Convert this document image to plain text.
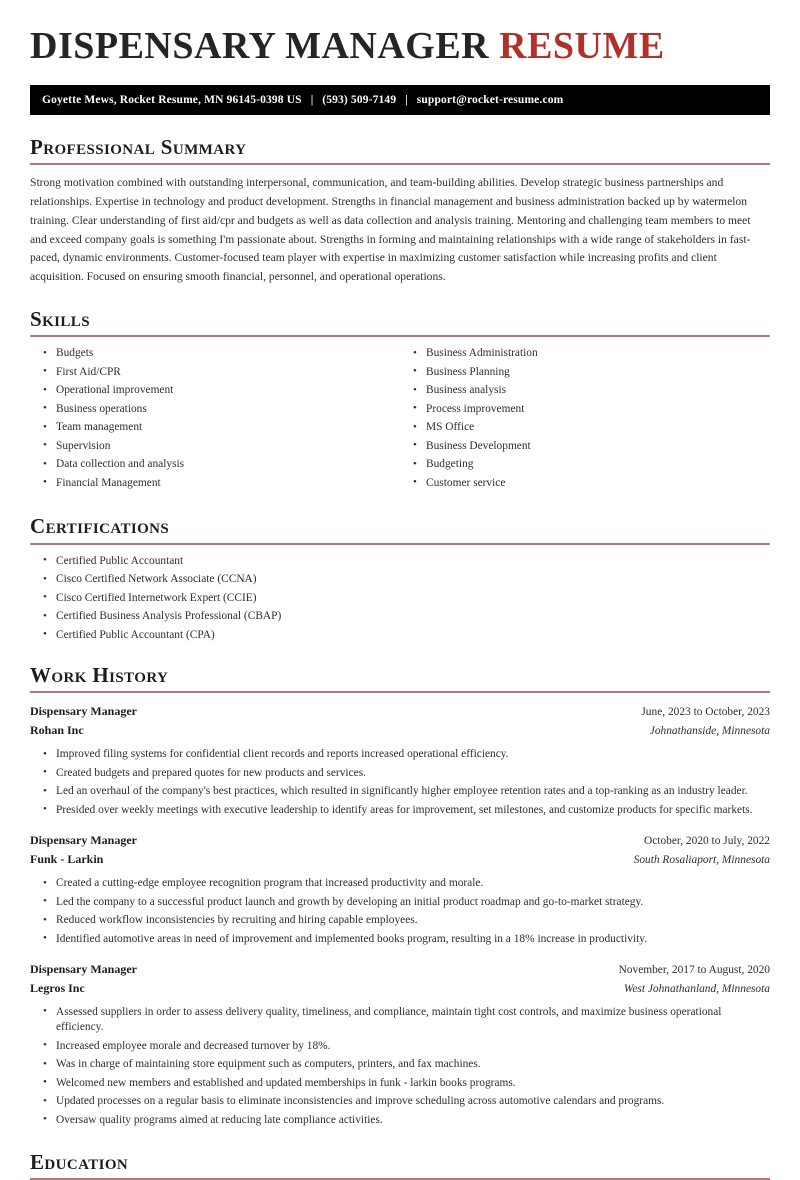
DISPENSARY MANAGER RESUME
Goyette Mews, Rocket Resume, MN 96145-0398 US | (593) 509-7149 | support@rocket-resume.com
Professional Summary

Strong motivation combined with outstanding interpersonal, communication, and team-building abilities. Develop strategic business partnerships and relationships. Expertise in technology and product development. Strengths in financial management and business administration backed up by watermelon training. Clear understanding of first aid/cpr and budgets as well as data collection and analysis training. Mentoring and challenging team members to meet and exceed company goals is something I'm passionate about. Strengths in forming and maintaining relationships with a wide range of stakeholders in fast-paced, dynamic environments. Customer-focused team player with expertise in maximizing customer satisfaction while increasing profits and client acquisition. Focused on ensuring smooth financial, personnel, and operational operations.

Skills
• Budgets
• First Aid/CPR
• Operational improvement
• Business operations
• Team management
• Supervision
• Data collection and analysis
• Financial Management
• Business Administration
• Business Planning
• Business analysis
• Process improvement
• MS Office
• Business Development
• Budgeting
• Customer service
Certifications
• Certified Public Accountant
• Cisco Certified Network Associate (CCNA)
• Cisco Certified Internetwork Expert (CCIE)
• Certified Business Analysis Professional (CBAP)
• Certified Public Accountant (CPA)
Work History
Dispensary Manager	June, 2023 to October, 2023
Rohan Inc	Johnathanside, Minnesota
• Improved filing systems for confidential client records and reports increased operational efficiency.
• Created budgets and prepared quotes for new products and services.
• Led an overhaul of the company's best practices, which resulted in significantly higher employee retention rates and a top-ranking as an industry leader.
• Presided over weekly meetings with executive leadership to identify areas for improvement, set milestones, and customize products for specific markets.
Dispensary Manager	October, 2020 to July, 2022
Funk - Larkin	South Rosaliaport, Minnesota
• Created a cutting-edge employee recognition program that increased productivity and morale.
• Led the company to a successful product launch and growth by developing an initial product roadmap and go-to-market strategy.
• Reduced workflow inconsistencies by recruiting and hiring capable employees.
• Identified automotive areas in need of improvement and implemented books program, resulting in a 18% increase in productivity.
Dispensary Manager	November, 2017 to August, 2020
Legros Inc	West Johnathanland, Minnesota
• Assessed suppliers in order to assess delivery quality, timeliness, and compliance, maintain tight cost controls, and maximize business operational efficiency.
• Increased employee morale and decreased turnover by 18%.
• Was in charge of maintaining store equipment such as computers, printers, and fax machines.
• Welcomed new members and established and updated memberships in funk - larkin books programs.
• Updated processes on a regular basis to eliminate inconsistencies and improve scheduling across automotive calendars and programs.
• Oversaw quality programs aimed at reducing late compliance activities.
Education
